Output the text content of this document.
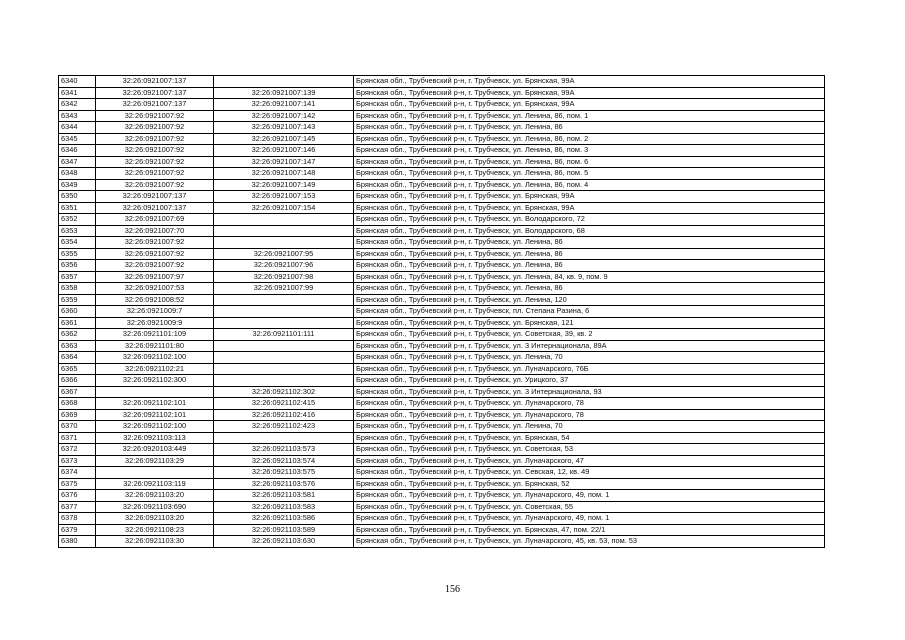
6340	32:26:0921007:137		Брянская обл., Трубчевский р-н, г. Трубчевск, ул. Брянская, 99А
6341	32:26:0921007:137	32:26:0921007:139	Брянская обл., Трубчевский р-н, г. Трубчевск, ул. Брянская, 99А
6342	32:26:0921007:137	32:26:0921007:141	Брянская обл., Трубчевский р-н, г. Трубчевск, ул. Брянская, 99А
6343	32:26:0921007:92	32:26:0921007:142	Брянская обл., Трубчевский р-н, г. Трубчевск, ул. Ленина, 86, пом. 1
6344	32:26:0921007:92	32:26:0921007:143	Брянская обл., Трубчевский р-н, г. Трубчевск, ул. Ленина, 86
6345	32:26:0921007:92	32:26:0921007:145	Брянская обл., Трубчевский р-н, г. Трубчевск, ул. Ленина, 86, пом. 2
6346	32:26:0921007:92	32:26:0921007:146	Брянская обл., Трубчевский р-н, г. Трубчевск, ул. Ленина, 86, пом. 3
6347	32:26:0921007:92	32:26:0921007:147	Брянская обл., Трубчевский р-н, г. Трубчевск, ул. Ленина, 86, пом. 6
6348	32:26:0921007:92	32:26:0921007:148	Брянская обл., Трубчевский р-н, г. Трубчевск, ул. Ленина, 86, пом. 5
6349	32:26:0921007:92	32:26:0921007:149	Брянская обл., Трубчевский р-н, г. Трубчевск, ул. Ленина, 86, пом. 4
6350	32:26:0921007:137	32:26:0921007:153	Брянская обл., Трубчевский р-н, г. Трубчевск, ул. Брянская, 99А
6351	32:26:0921007:137	32:26:0921007:154	Брянская обл., Трубчевский р-н, г. Трубчевск, ул. Брянская, 99А
6352	32:26:0921007:69		Брянская обл., Трубчевский р-н, г. Трубчевск, ул. Володарского, 72
6353	32:26:0921007:70		Брянская обл., Трубчевский р-н, г. Трубчевск, ул. Володарского, 68
6354	32:26:0921007:92		Брянская обл., Трубчевский р-н, г. Трубчевск, ул. Ленина, 86
6355	32:26:0921007:92	32:26:0921007:95	Брянская обл., Трубчевский р-н, г. Трубчевск, ул. Ленина, 86
6356	32:26:0921007:92	32:26:0921007:96	Брянская обл., Трубчевский р-н, г. Трубчевск, ул. Ленина, 86
6357	32:26:0921007:97	32:26:0921007:98	Брянская обл., Трубчевский р-н, г. Трубчевск, ул. Ленина, 84, кв. 9, пом. 9
6358	32:26:0921007:53	32:26:0921007:99	Брянская обл., Трубчевский р-н, г. Трубчевск, ул. Ленина, 86
6359	32:26:0921008:52		Брянская обл., Трубчевский р-н, г. Трубчевск, ул. Ленина, 120
6360	32:26:0921009:7		Брянская обл., Трубчевский р-н, г. Трубчевск, пл. Степана Разина, 6
6361	32:26:0921009:9		Брянская обл., Трубчевский р-н, г. Трубчевск, ул. Брянская, 121
6362	32:26:0921101:109	32:26:0921101:111	Брянская обл., Трубчевский р-н, г. Трубчевск, ул. Советская, 39, кв. 2
6363	32:26:0921101:80		Брянская обл., Трубчевский р-н, г. Трубчевск, ул. 3 Интернационала, 89А
6364	32:26:0921102:100		Брянская обл., Трубчевский р-н, г. Трубчевск, ул. Ленина, 70
6365	32:26:0921102:21		Брянская обл., Трубчевский р-н, г. Трубчевск, ул. Луначарского, 76Б
6366	32:26:0921102:300		Брянская обл., Трубчевский р-н, г. Трубчевск, ул. Урицкого, 37
6367		32:26:0921102:302	Брянская обл., Трубчевский р-н, г. Трубчевск, ул. 3 Интернационала, 93
6368	32:26:0921102:101	32:26:0921102:415	Брянская обл., Трубчевский р-н, г. Трубчевск, ул. Луначарского, 78
6369	32:26:0921102:101	32:26:0921102:416	Брянская обл., Трубчевский р-н, г. Трубчевск, ул. Луначарского, 78
6370	32:26:0921102:100	32:26:0921102:423	Брянская обл., Трубчевский р-н, г. Трубчевск, ул. Ленина, 70
6371	32:26:0921103:113		Брянская обл., Трубчевский р-н, г. Трубчевск, ул. Брянская, 54
6372	32:26:0920103:449	32:26:0921103:573	Брянская обл., Трубчевский р-н, г. Трубчевск, ул. Советская, 53
6373	32:26:0921103:29	32:26:0921103:574	Брянская обл., Трубчевский р-н, г. Трубчевск, ул. Луначарского, 47
6374		32:26:0921103:575	Брянская обл., Трубчевский р-н, г. Трубчевск, ул. Севская, 12, кв. 49
6375	32:26:0921103:119	32:26:0921103:576	Брянская обл., Трубчевский р-н, г. Трубчевск, ул. Брянская, 52
6376	32:26:0921103:20	32:26:0921103:581	Брянская обл., Трубчевский р-н, г. Трубчевск, ул. Луначарского, 49, пом. 1
6377	32:26:0921103:690	32:26:0921103:583	Брянская обл., Трубчевский р-н, г. Трубчевск, ул. Советская, 55
6378	32:26:0921103:20	32:26:0921103:586	Брянская обл., Трубчевский р-н, г. Трубчевск, ул. Луначарского, 49, пом. 1
6379	32:26:0921108:23	32:26:0921103:589	Брянская обл., Трубчевский р-н, г. Трубчевск, ул. Брянская, 47, пом. 22/1
6380	32:26:0921103:30	32:26:0921103:630	Брянская обл., Трубчевский р-н, г. Трубчевск, ул. Луначарского, 45, кв. 53, пом. 53
156
